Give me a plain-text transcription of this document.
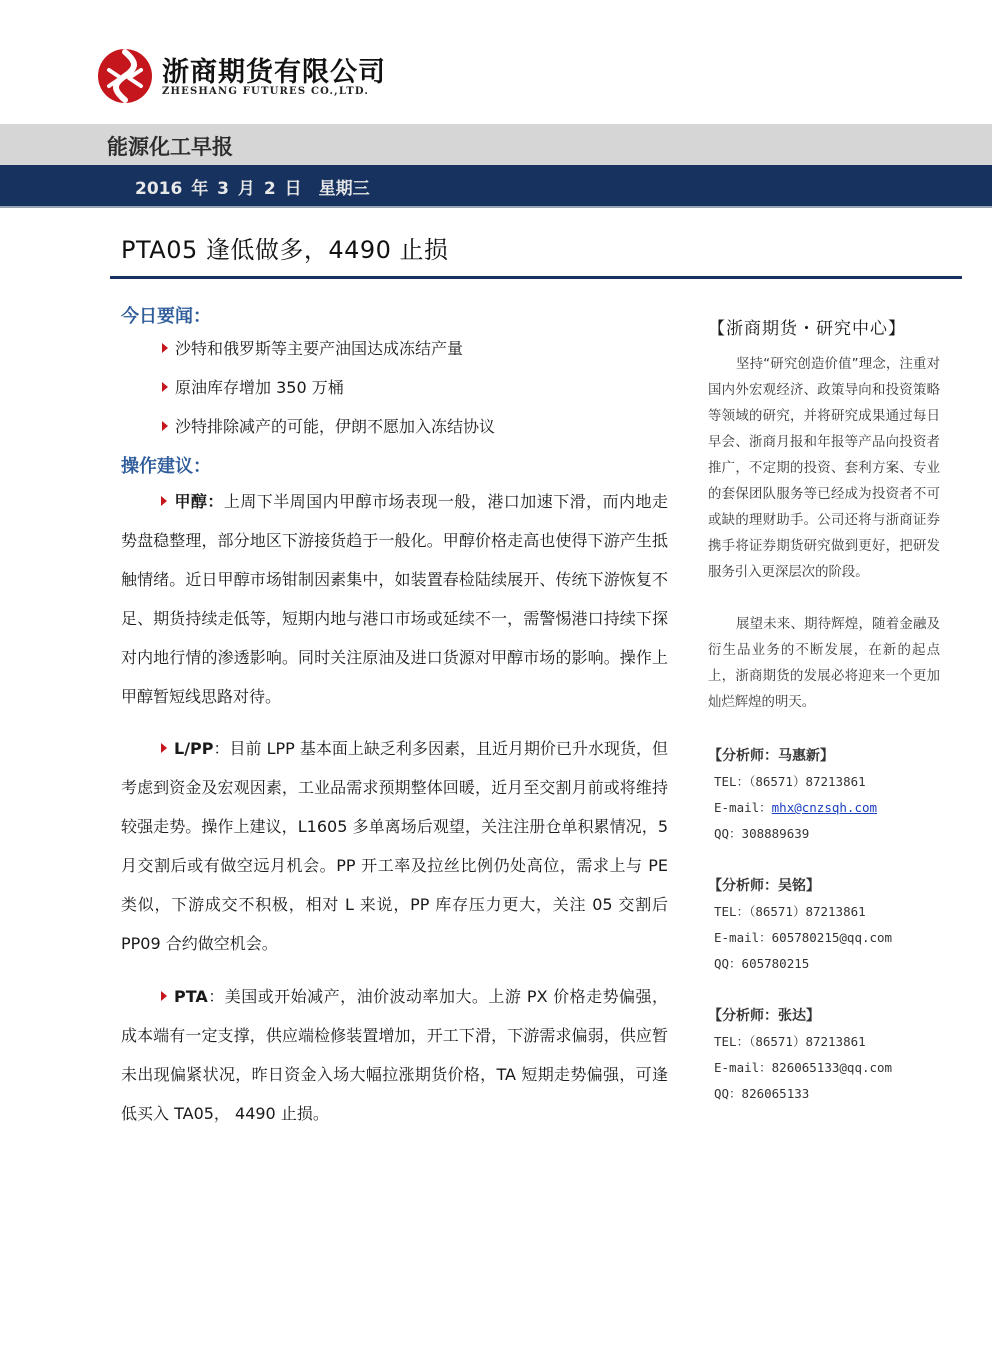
浙商期货有限公司
ZHESHANG FUTURES CO.,LTD.
能源化工早报
2016 年 3 月 2 日　星期三
PTA05 逢低做多，4490 止损
今日要闻：
沙特和俄罗斯等主要产油国达成冻结产量
原油库存增加 350 万桶
沙特排除减产的可能，伊朗不愿加入冻结协议
操作建议：
甲醇：上周下半周国内甲醇市场表现一般，港口加速下滑，而内地走势盘稳整理，部分地区下游接货趋于一般化。甲醇价格走高也使得下游产生抵触情绪。近日甲醇市场钳制因素集中，如装置春检陆续展开、传统下游恢复不足、期货持续走低等，短期内地与港口市场或延续不一，需警惕港口持续下探对内地行情的渗透影响。同时关注原油及进口货源对甲醇市场的影响。操作上甲醇暂短线思路对待。
L/PP：目前 LPP 基本面上缺乏利多因素，且近月期价已升水现货，但考虑到资金及宏观因素，工业品需求预期整体回暖，近月至交割月前或将维持较强走势。操作上建议，L1605 多单离场后观望，关注注册仓单积累情况，5 月交割后或有做空远月机会。PP 开工率及拉丝比例仍处高位，需求上与 PE 类似，下游成交不积极，相对 L 来说，PP 库存压力更大，关注 05 交割后 PP09 合约做空机会。
PTA：美国或开始减产，油价波动率加大。上游 PX 价格走势偏强，成本端有一定支撑，供应端检修装置增加，开工下滑，下游需求偏弱，供应暂未出现偏紧状况，昨日资金入场大幅拉涨期货价格，TA 短期走势偏强，可逢低买入 TA05， 4490 止损。
【浙商期货・研究中心】
坚持“研究创造价值”理念，注重对国内外宏观经济、政策导向和投资策略等领域的研究，并将研究成果通过每日早会、浙商月报和年报等产品向投资者推广，不定期的投资、套利方案、专业的套保团队服务等已经成为投资者不可或缺的理财助手。公司还将与浙商证券携手将证券期货研究做到更好，把研发服务引入更深层次的阶段。
展望未来、期待辉煌，随着金融及衍生品业务的不断发展，在新的起点上，浙商期货的发展必将迎来一个更加灿烂辉煌的明天。
【分析师：马惠新】
TEL：（86571）87213861
E-mail：mhx@cnzsqh.com
QQ：308889639
【分析师：吴铭】
TEL：（86571）87213861
E-mail：605780215@qq.com
QQ：605780215
【分析师：张达】
TEL：（86571）87213861
E-mail：826065133@qq.com
QQ：826065133
